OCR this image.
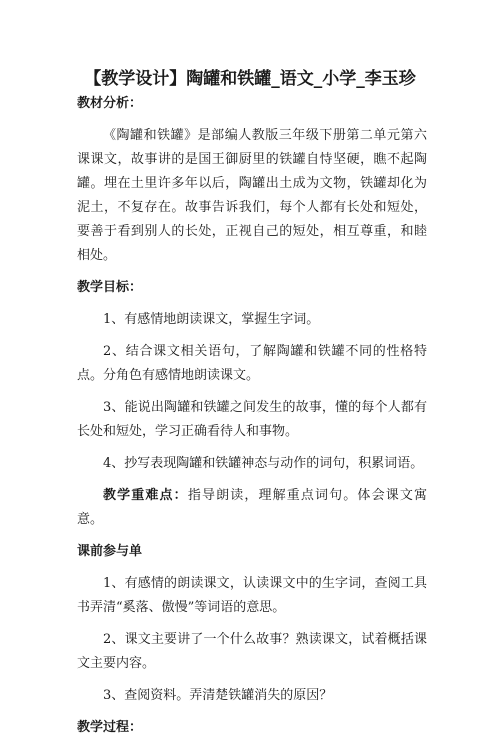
【教学设计】陶罐和铁罐_语文_小学_李玉珍

教材分析：

《陶罐和铁罐》是部编人教版三年级下册第二单元第六课课文，故事讲的是国王御厨里的铁罐自恃坚硬，瞧不起陶罐。埋在土里许多年以后，陶罐出土成为文物，铁罐却化为泥土，不复存在。故事告诉我们，每个人都有长处和短处，要善于看到别人的长处，正视自己的短处，相互尊重，和睦相处。

教学目标：

1、有感情地朗读课文，掌握生字词。

2、结合课文相关语句，了解陶罐和铁罐不同的性格特点。分角色有感情地朗读课文。

3、能说出陶罐和铁罐之间发生的故事，懂的每个人都有长处和短处，学习正确看待人和事物。

4、抄写表现陶罐和铁罐神态与动作的词句，积累词语。

教学重难点：指导朗读，理解重点词句。体会课文寓意。

课前参与单

1、有感情的朗读课文，认读课文中的生字词，查阅工具书弄清“奚落、傲慢”等词语的意思。

2、课文主要讲了一个什么故事？熟读课文，试着概括课文主要内容。

3、查阅资料。弄清楚铁罐消失的原因？

教学过程：
